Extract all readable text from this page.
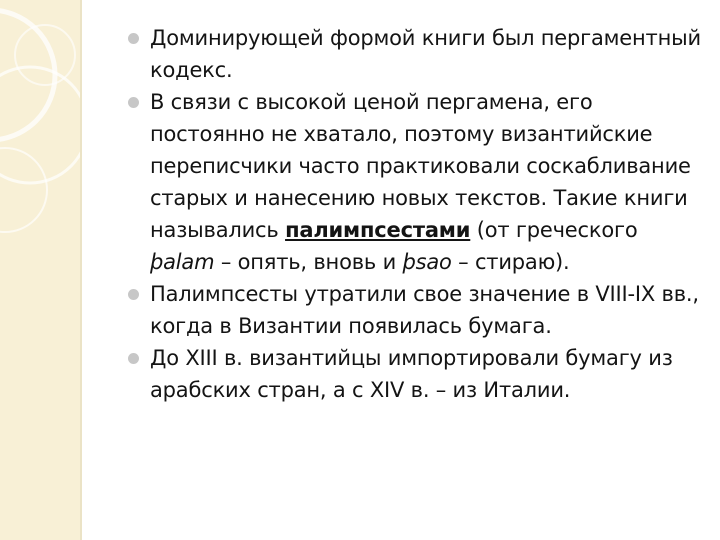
Доминирующей формой книги был пергаментный кодекс.
В связи с высокой ценой пергамена, его постоянно не хватало, поэтому византийские переписчики часто практиковали соскабливание старых и нанесению новых текстов. Такие книги назывались палимпсестами (от греческого þalam – опять, вновь и þsao – стираю).
Палимпсесты утратили свое значение в VIII-IX вв., когда в Византии появилась бумага.
До XIII в. византийцы импортировали бумагу из арабских стран, а с XIV в. – из Италии.
